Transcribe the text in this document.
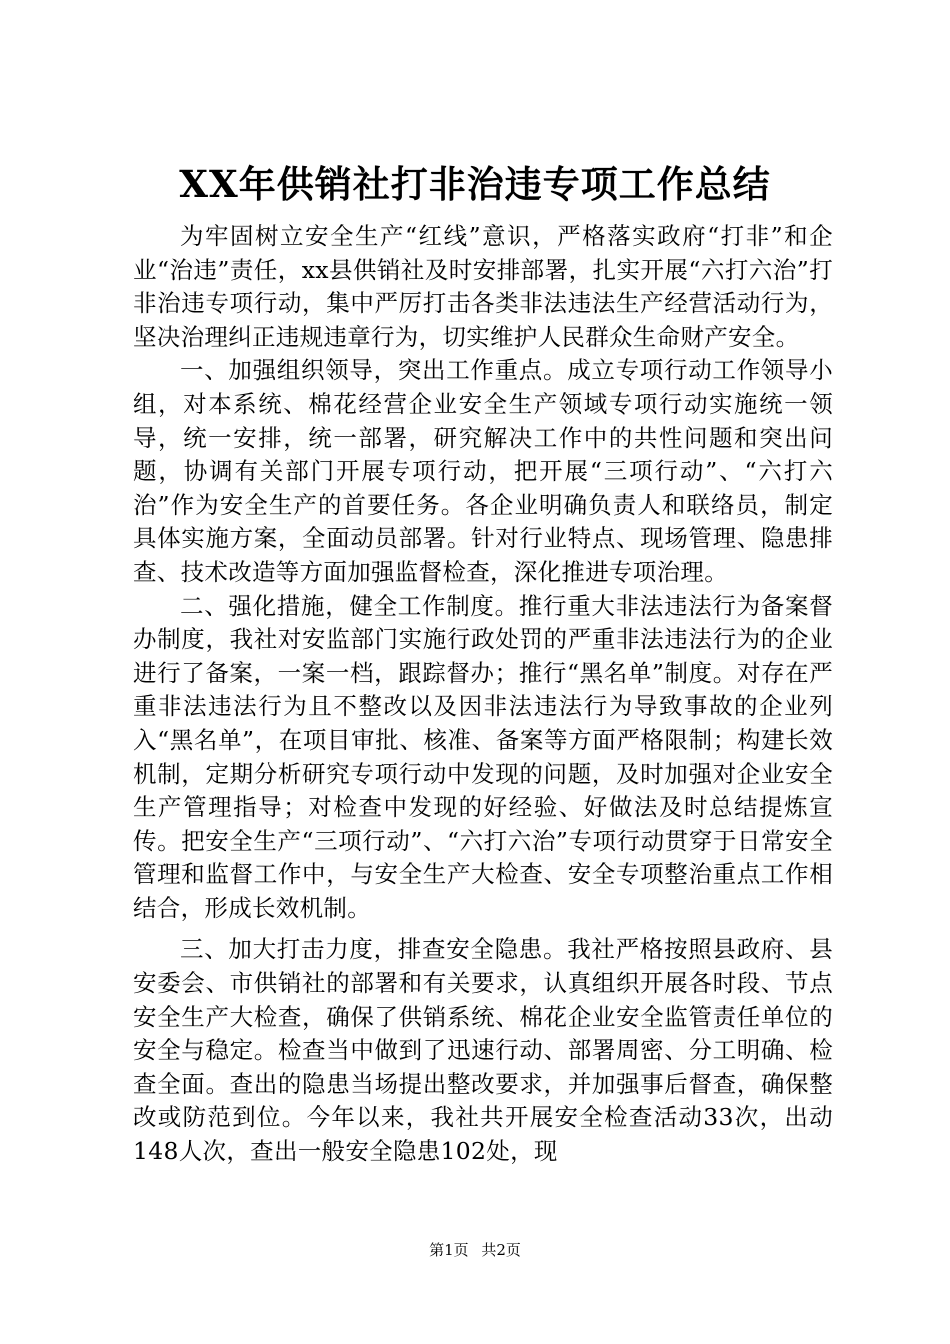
XX年供销社打非治违专项工作总结

为牢固树立安全生产“红线”意识，严格落实政府“打非”和企业“治违”责任，xx县供销社及时安排部署，扎实开展“六打六治”打非治违专项行动，集中严厉打击各类非法违法生产经营活动行为，坚决治理纠正违规违章行为，切实维护人民群众生命财产安全。

一、加强组织领导，突出工作重点。成立专项行动工作领导小组，对本系统、棉花经营企业安全生产领域专项行动实施统一领导，统一安排，统一部署，研究解决工作中的共性问题和突出问题，协调有关部门开展专项行动，把开展“三项行动”、“六打六治”作为安全生产的首要任务。各企业明确负责人和联络员，制定具体实施方案，全面动员部署。针对行业特点、现场管理、隐患排查、技术改造等方面加强监督检查，深化推进专项治理。

二、强化措施，健全工作制度。推行重大非法违法行为备案督办制度，我社对安监部门实施行政处罚的严重非法违法行为的企业进行了备案，一案一档，跟踪督办；推行“黑名单”制度。对存在严重非法违法行为且不整改以及因非法违法行为导致事故的企业列入“黑名单”，在项目审批、核准、备案等方面严格限制；构建长效机制，定期分析研究专项行动中发现的问题，及时加强对企业安全生产管理指导；对检查中发现的好经验、好做法及时总结提炼宣传。把安全生产“三项行动”、“六打六治”专项行动贯穿于日常安全管理和监督工作中，与安全生产大检查、安全专项整治重点工作相结合，形成长效机制。

三、加大打击力度，排查安全隐患。我社严格按照县政府、县安委会、市供销社的部署和有关要求，认真组织开展各时段、节点安全生产大检查，确保了供销系统、棉花企业安全监管责任单位的安全与稳定。检查当中做到了迅速行动、部署周密、分工明确、检查全面。查出的隐患当场提出整改要求，并加强事后督查，确保整改或防范到位。今年以来，我社共开展安全检查活动33次，出动148人次，查出一般安全隐患102处，现

第1页 共2页
